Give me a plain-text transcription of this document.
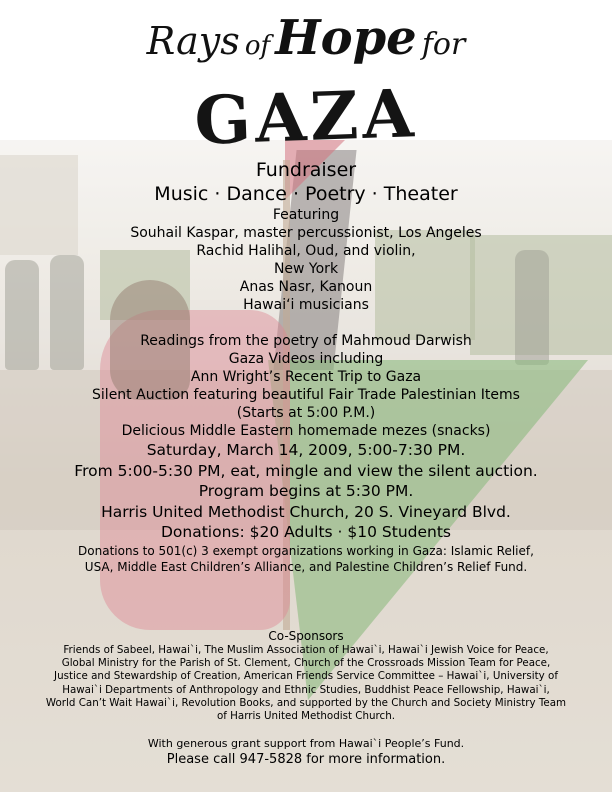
Rays of Hope for
GAZA

Fundraiser

Music · Dance · Poetry · Theater

Featuring

Souhail Kaspar, master percussionist, Los Angeles

Rachid Halihal, Oud, and violin,

New York

Anas Nasr, Kanoun

Hawai‘i musicians

Readings from the poetry of Mahmoud Darwish

Gaza Videos including

Ann Wright’s Recent Trip to Gaza

Silent Auction featuring beautiful Fair Trade Palestinian Items

(Starts at 5:00 P.M.)

Delicious Middle Eastern homemade mezes (snacks)

Saturday, March 14, 2009, 5:00-7:30 PM.

From 5:00-5:30 PM, eat, mingle and view the silent auction.

Program begins at 5:30 PM.

Harris United Methodist Church, 20 S. Vineyard Blvd.

Donations: $20 Adults · $10 Students

Donations to 501(c) 3 exempt organizations working in Gaza: Islamic Relief,

USA, Middle East Children’s Alliance, and Palestine Children’s Relief Fund.

Co-Sponsors

Friends of Sabeel, Hawai`i, The Muslim Association of Hawai`i, Hawai`i Jewish Voice for Peace,

Global Ministry for the Parish of St. Clement, Church of the Crossroads Mission Team for Peace,

Justice and Stewardship of Creation, American Friends Service Committee – Hawai`i, University of

Hawai`i Departments of Anthropology and Ethnic Studies, Buddhist Peace Fellowship, Hawai`i,

World Can’t Wait Hawai`i, Revolution Books, and supported by the Church and Society Ministry Team

of Harris United Methodist Church.

With generous grant support from Hawai`i People’s Fund.

Please call 947-5828 for more information.
